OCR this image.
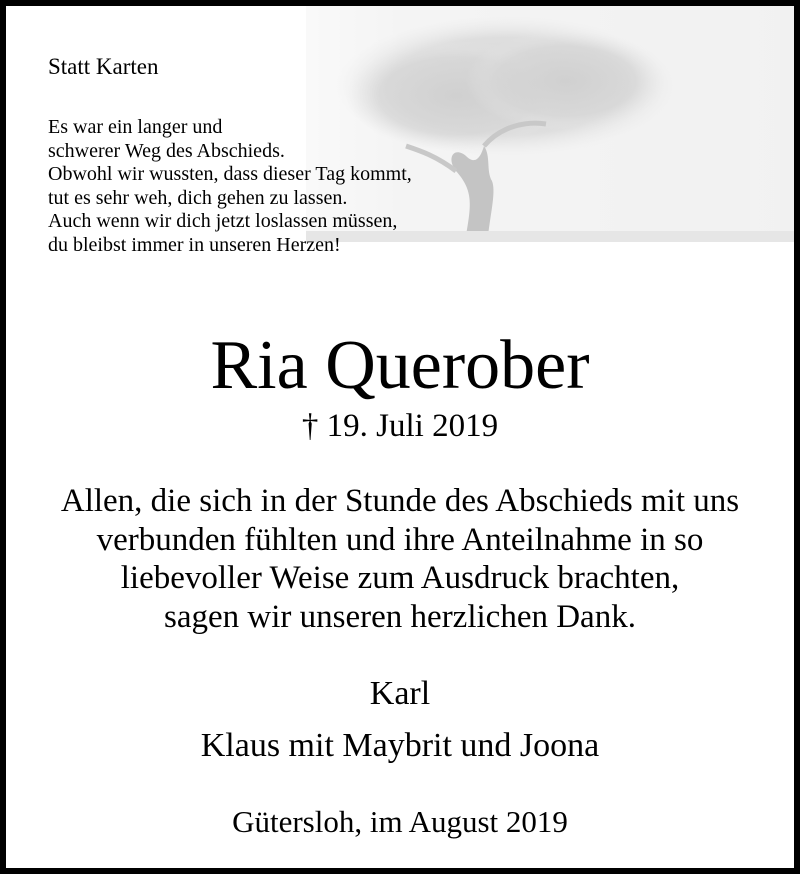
Statt Karten
Es war ein langer und
schwerer Weg des Abschieds.
Obwohl wir wussten, dass dieser Tag kommt,
tut es sehr weh, dich gehen zu lassen.
Auch wenn wir dich jetzt loslassen müssen,
du bleibst immer in unseren Herzen!
Ria Querober
† 19. Juli 2019
Allen, die sich in der Stunde des Abschieds mit uns
verbunden fühlten und ihre Anteilnahme in so
liebevoller Weise zum Ausdruck brachten,
sagen wir unseren herzlichen Dank.
Karl
Klaus mit Maybrit und Joona
Gütersloh, im August 2019
